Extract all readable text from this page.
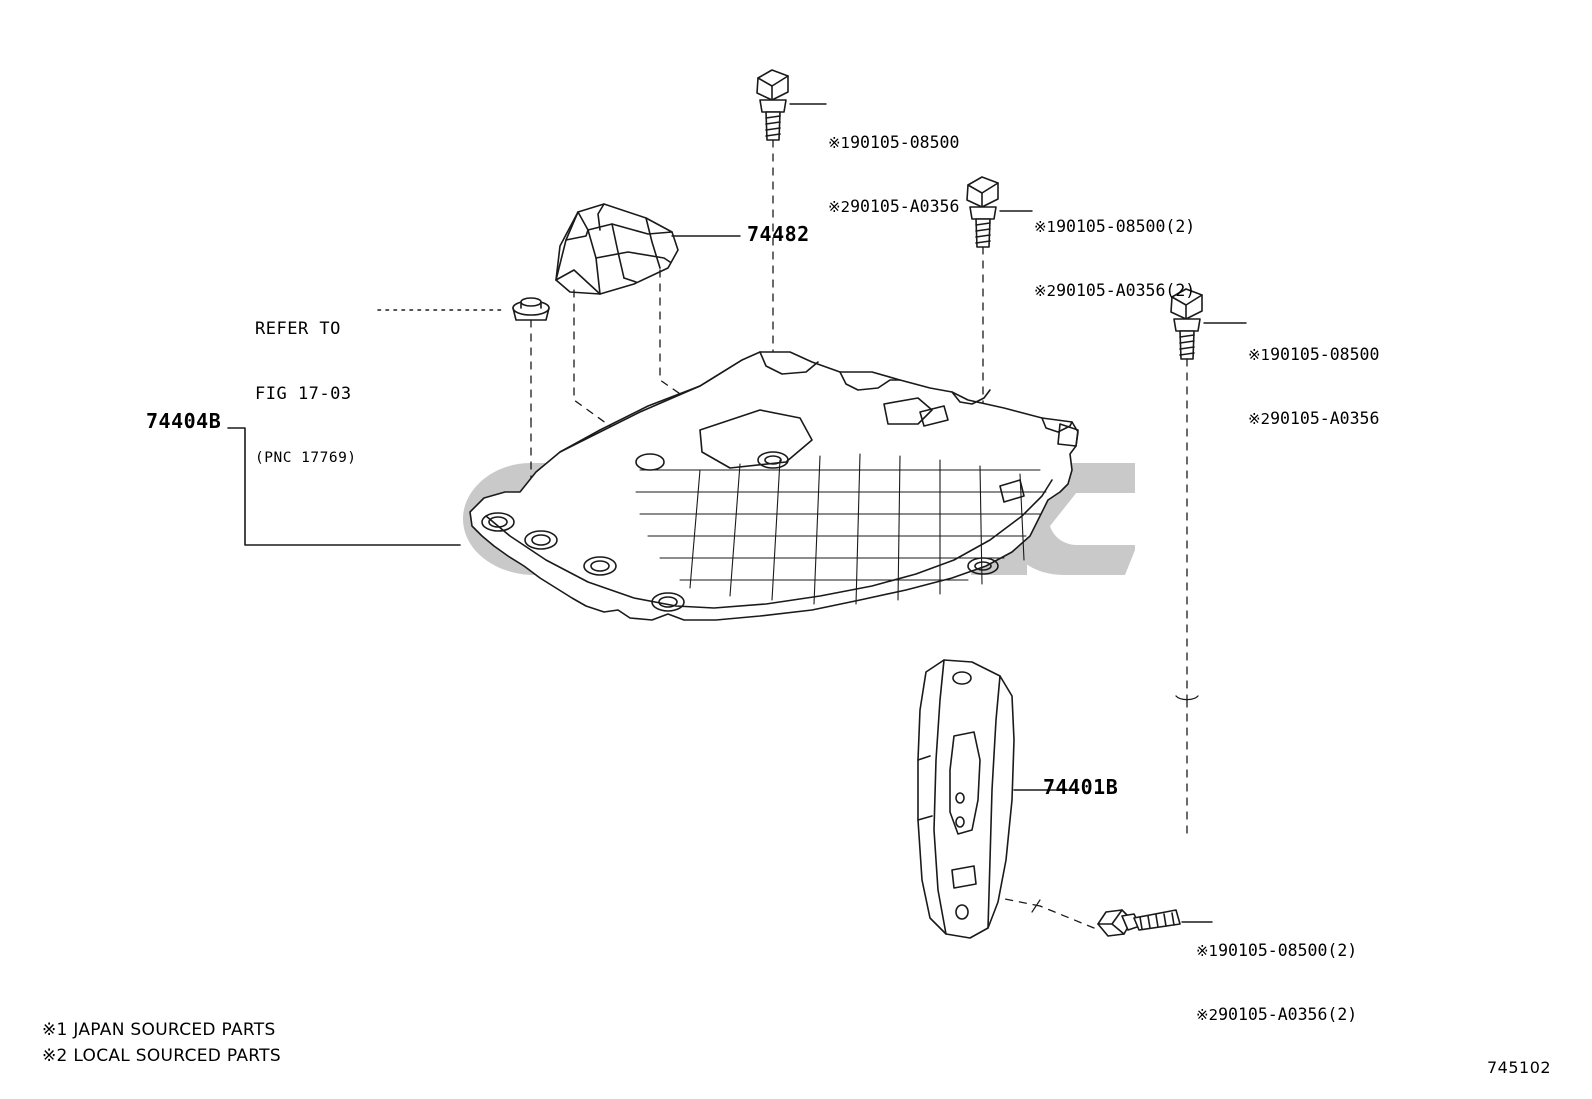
※190105-08500

※290105-A0356

※190105-08500(2)

※290105-A0356(2)

※190105-08500

※290105-A0356

※190105-08500(2)

※290105-A0356(2)

74482

REFER TO

FIG 17-03

(PNC 17769)

74404B
74401B
※1 JAPAN SOURCED PARTS
※2 LOCAL SOURCED PARTS
745102
